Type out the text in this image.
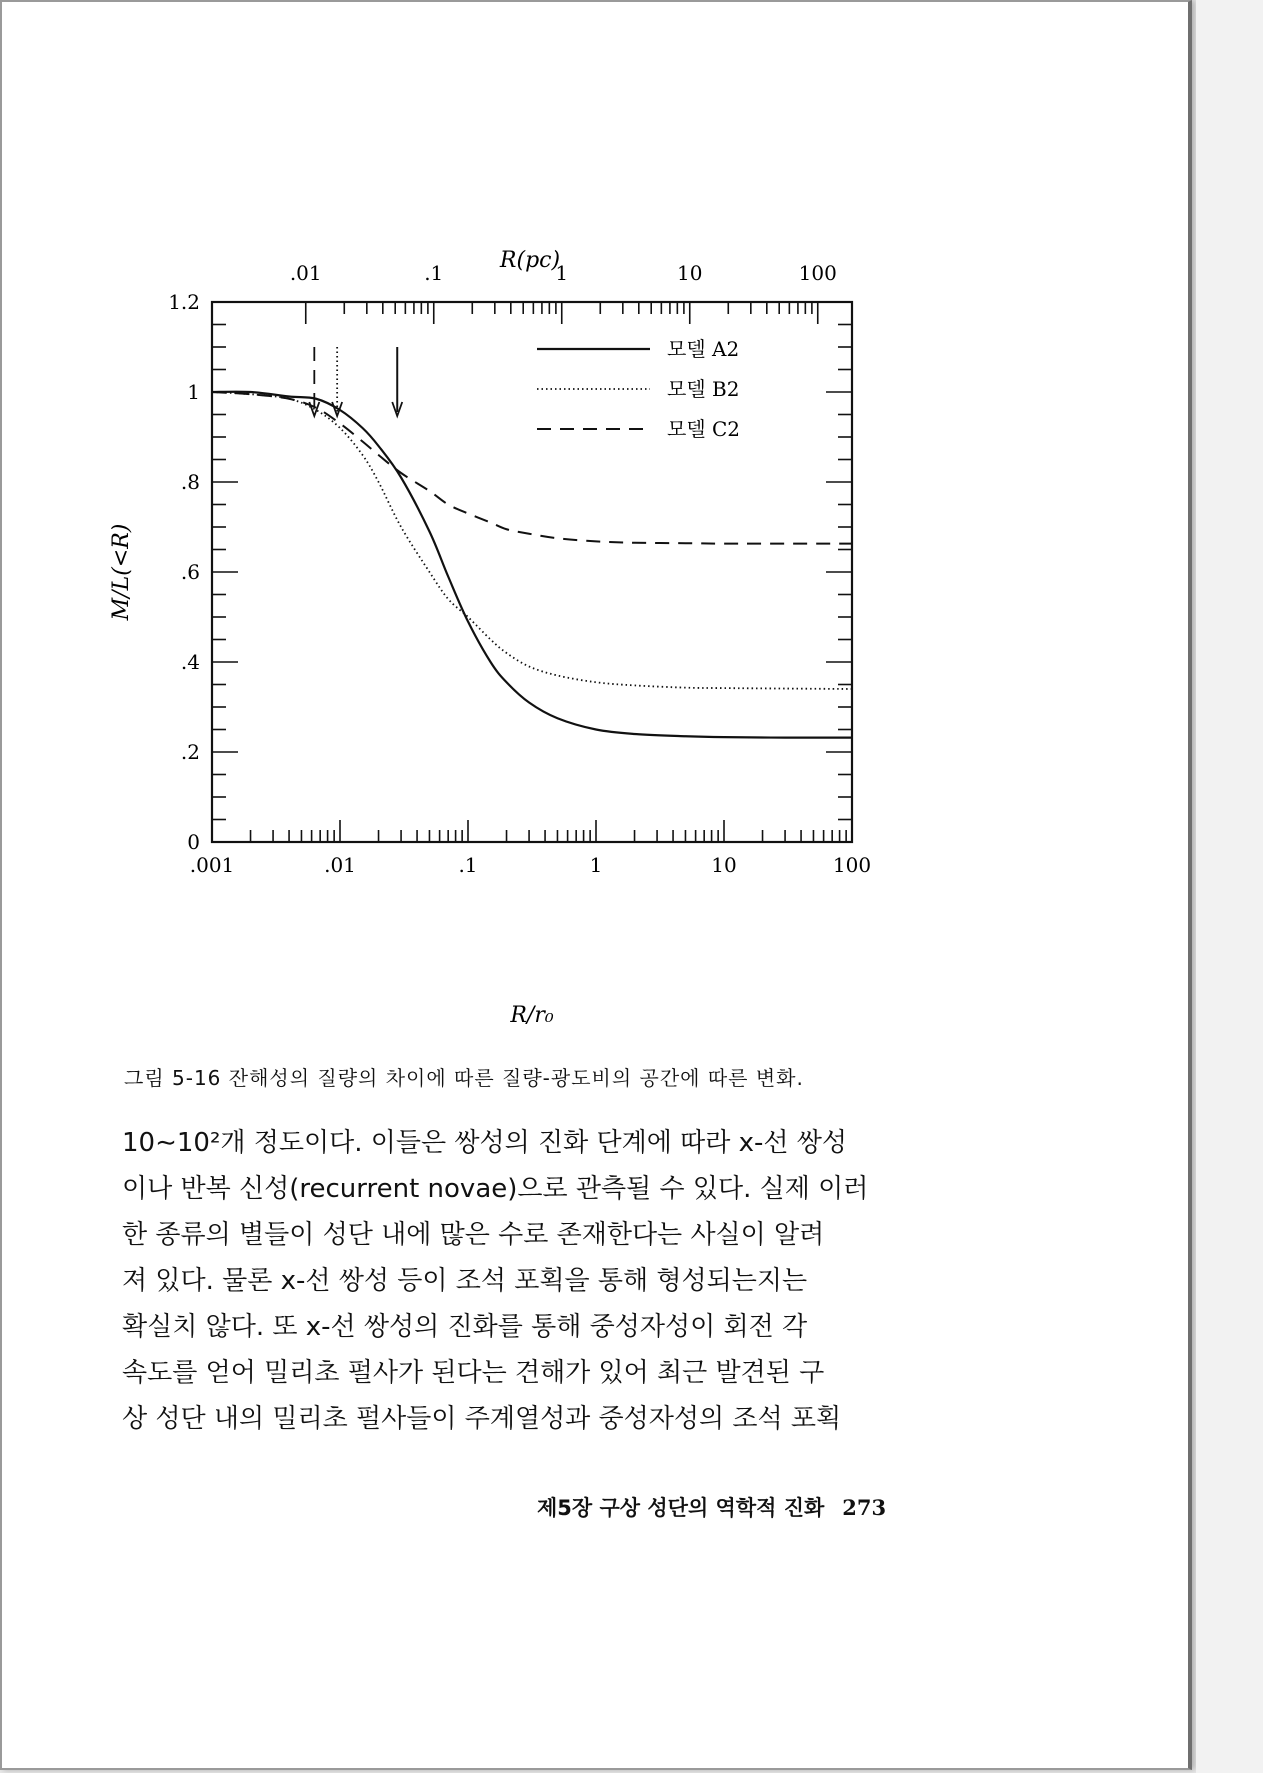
.001	.01	.1	1	10	100
.01	.1	1	10	100
0
.2
.4
.6
.8
1
1.2
모델 A2
모델 B2
모델 C2
R(pc)
R/r₀
M/L(<R)
그림 5-16 잔해성의 질량의 차이에 따른 질량-광도비의 공간에 따른 변화.

10∼10²개 정도이다. 이들은 쌍성의 진화 단계에 따라 x-선 쌍성

이나 반복 신성(recurrent novae)으로 관측될 수 있다. 실제 이러

한 종류의 별들이 성단 내에 많은 수로 존재한다는 사실이 알려

져 있다. 물론 x-선 쌍성 등이 조석 포획을 통해 형성되는지는

확실치 않다. 또 x-선 쌍성의 진화를 통해 중성자성이 회전 각

속도를 얻어 밀리초 펄사가 된다는 견해가 있어 최근 발견된 구

상 성단 내의 밀리초 펄사들이 주계열성과 중성자성의 조석 포획

제5장 구상 성단의 역학적 진화 273
